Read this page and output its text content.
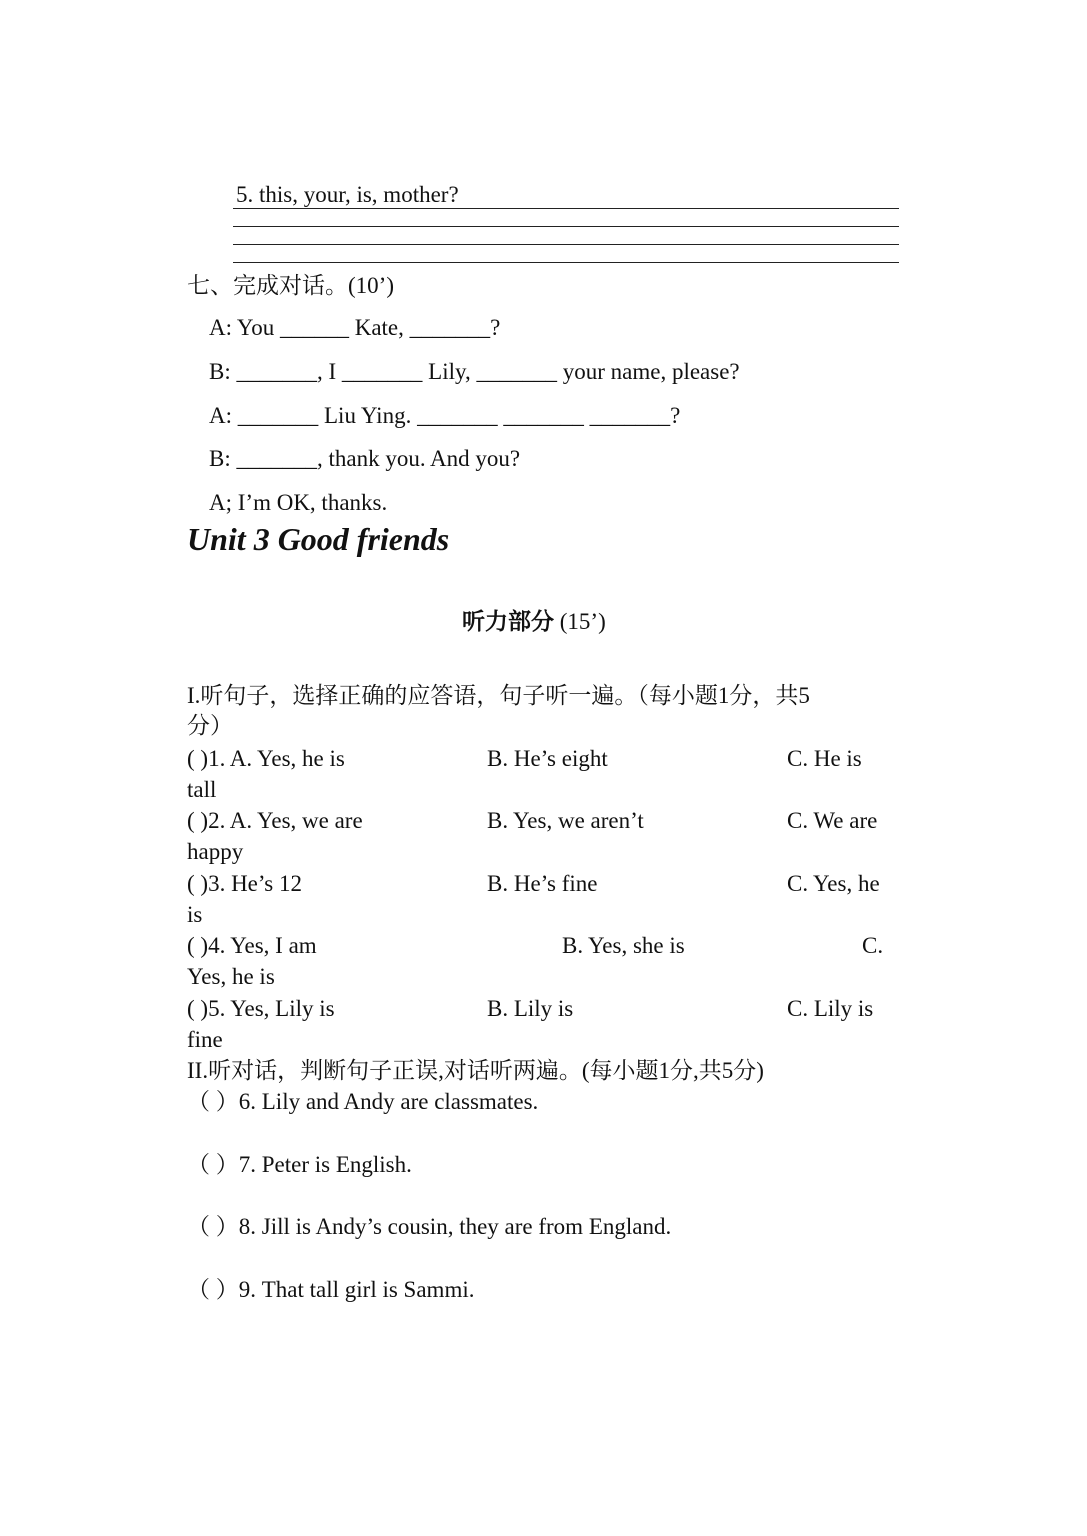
5. this, your, is, mother?
七、完成对话。(10’)
A: You ______ Kate, _______?
B: _______, I _______ Lily, _______ your name, please?
A: _______ Liu Ying. _______ _______ _______?
B: _______, thank you. And you?
A; I’m OK, thanks.
Unit 3 Good friends
听力部分 (15’)
I.听句子，选择正确的应答语，句子听一遍。（每小题1分，共5
分）
( )1. A. Yes, he is	B. He’s eight	C. He is
tall
( )2. A. Yes, we are	B. Yes, we aren’t	C. We are
happy
( )3. He’s 12	B. He’s fine	C. Yes, he
is
( )4. Yes, I am	B. Yes, she is	C.
Yes, he is
( )5. Yes, Lily is	B. Lily is	C. Lily is
fine
II.听对话，判断句子正误,对话听两遍。(每小题1分,共5分)
（ ）6. Lily and Andy are classmates.
（ ）7. Peter is English.
（ ）8. Jill is Andy’s cousin, they are from England.
（ ）9. That tall girl is Sammi.
